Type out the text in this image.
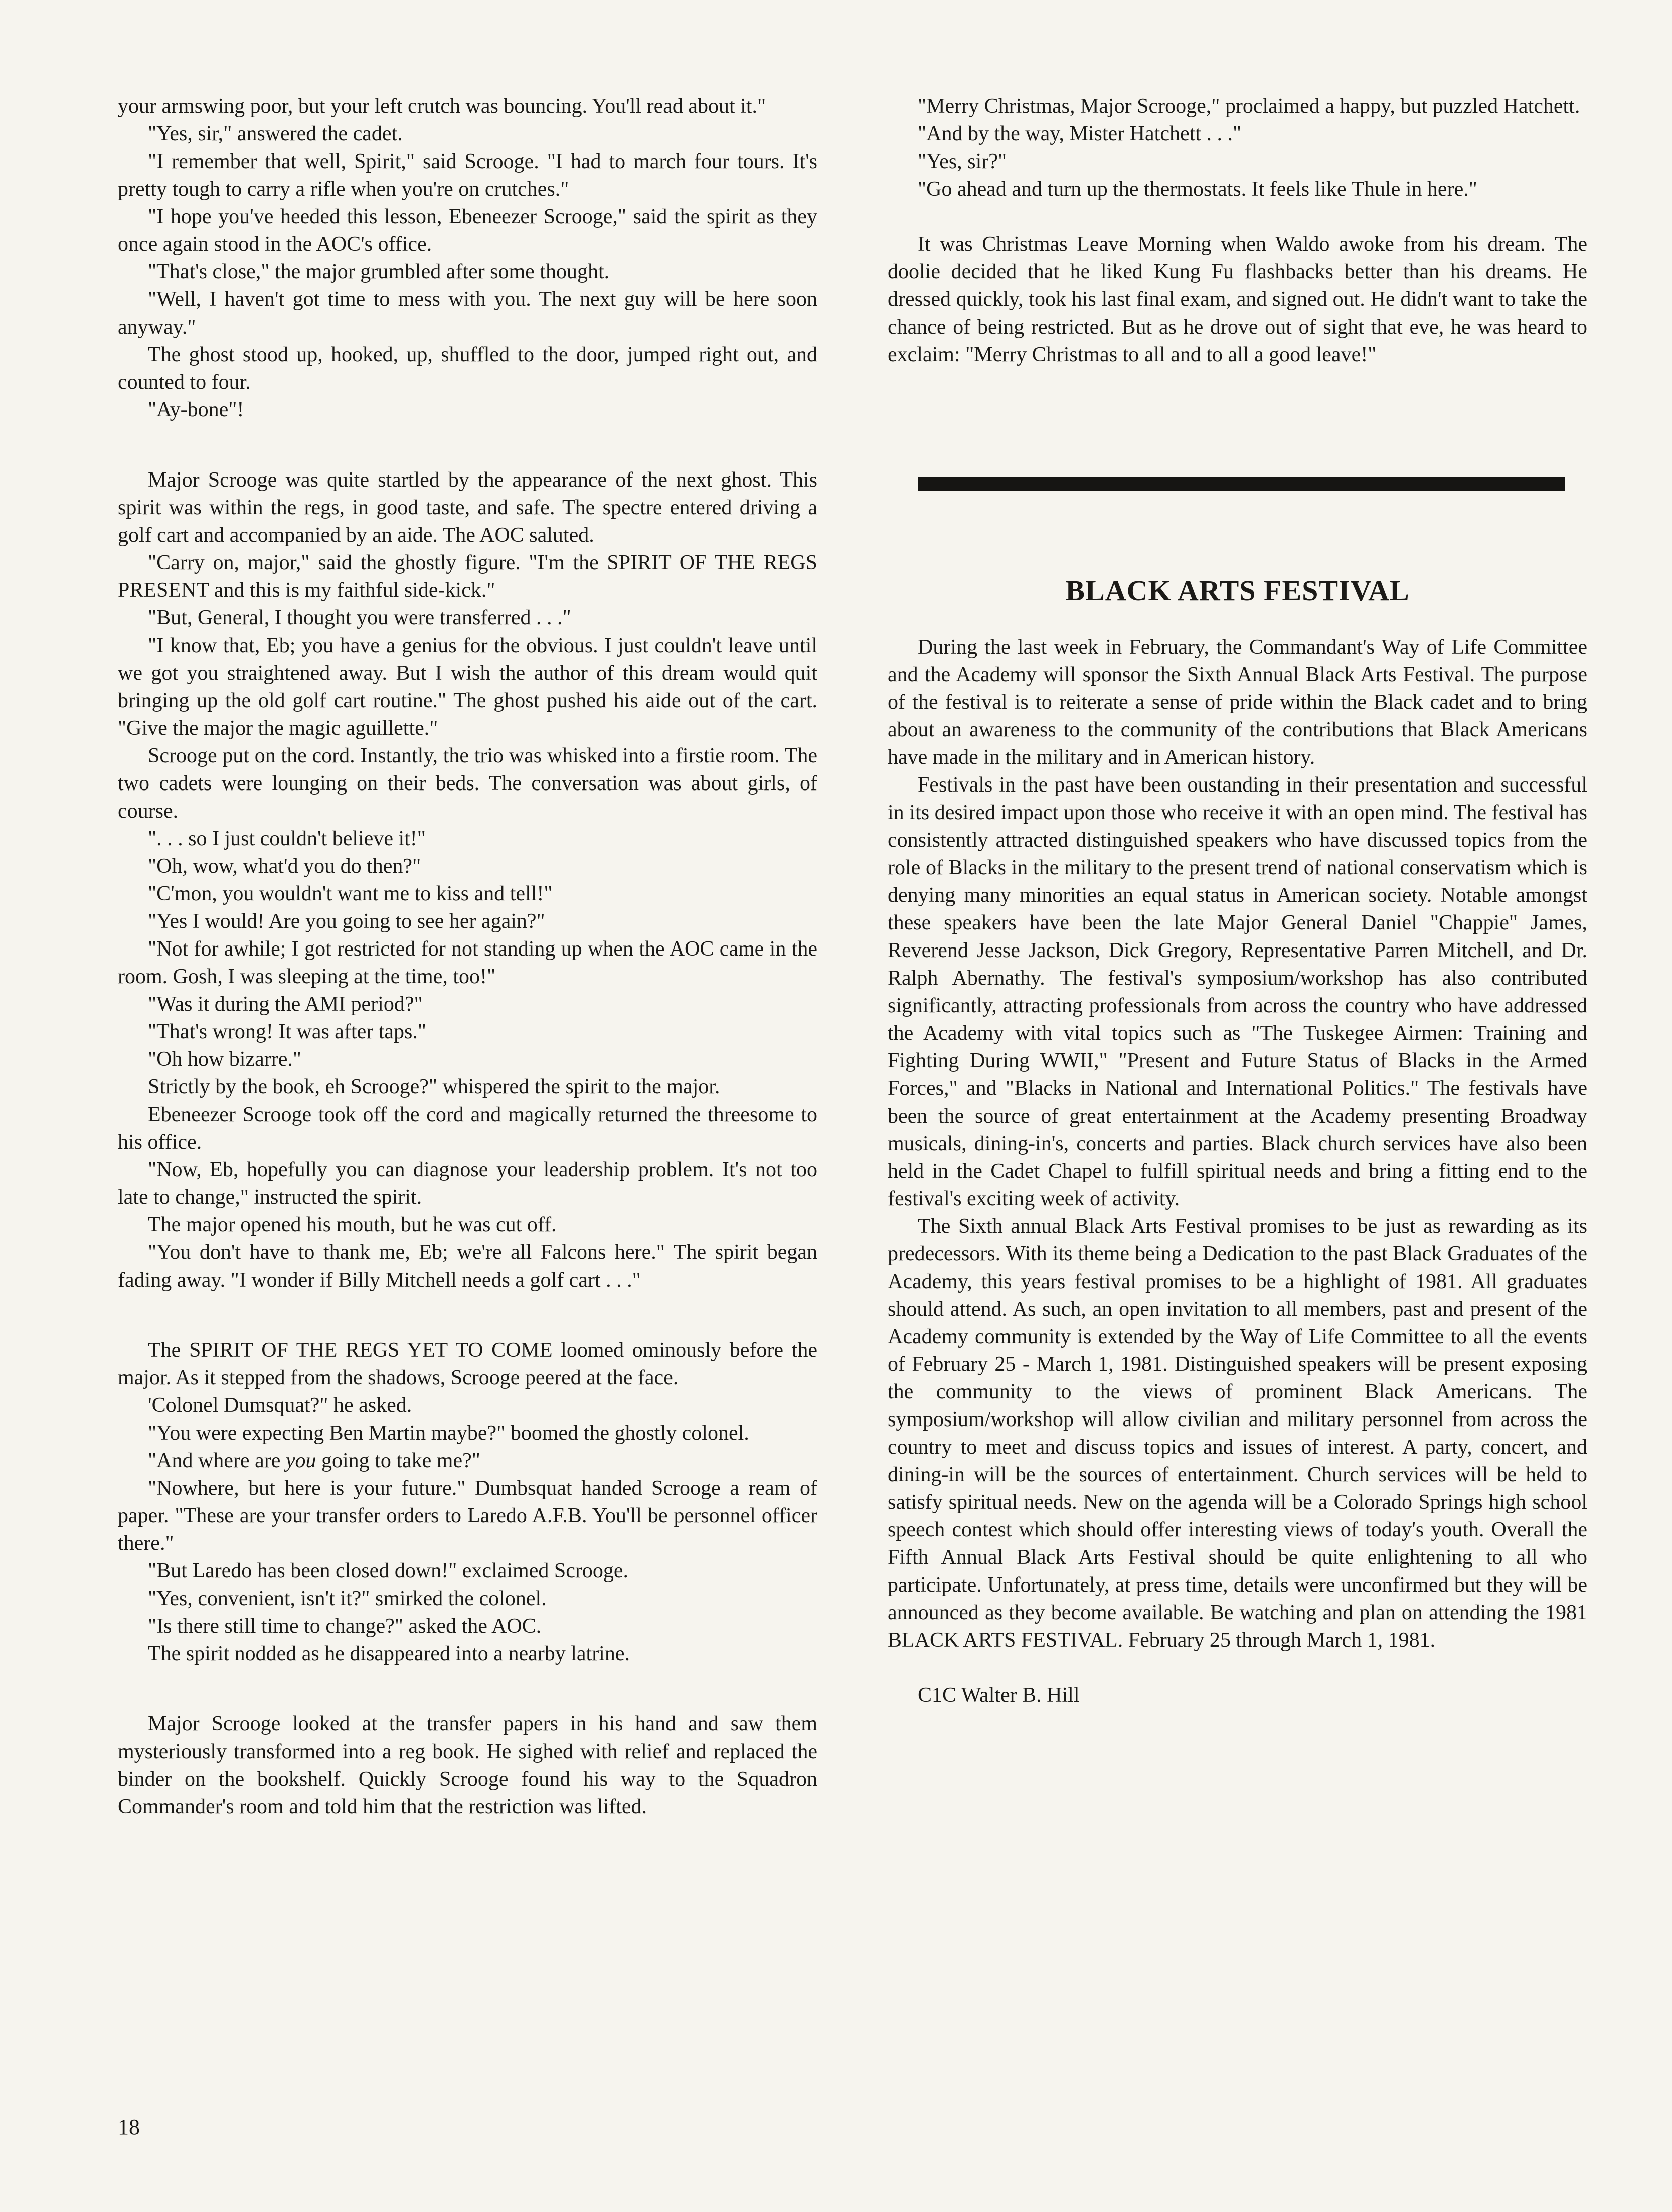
your armswing poor, but your left crutch was bouncing. You'll read about it."

"Yes, sir," answered the cadet.

"I remember that well, Spirit," said Scrooge. "I had to march four tours. It's pretty tough to carry a rifle when you're on crutches."

"I hope you've heeded this lesson, Ebeneezer Scrooge," said the spirit as they once again stood in the AOC's office.

"That's close," the major grumbled after some thought.

"Well, I haven't got time to mess with you. The next guy will be here soon anyway."

The ghost stood up, hooked, up, shuffled to the door, jumped right out, and counted to four.

"Ay-bone"!

Major Scrooge was quite startled by the appearance of the next ghost. This spirit was within the regs, in good taste, and safe. The spectre entered driving a golf cart and accompanied by an aide. The AOC saluted.

"Carry on, major," said the ghostly figure. "I'm the SPIRIT OF THE REGS PRESENT and this is my faithful side-kick."

"But, General, I thought you were transferred . . ."

"I know that, Eb; you have a genius for the obvious. I just couldn't leave until we got you straightened away. But I wish the author of this dream would quit bringing up the old golf cart routine." The ghost pushed his aide out of the cart. "Give the major the magic aguillette."

Scrooge put on the cord. Instantly, the trio was whisked into a firstie room. The two cadets were lounging on their beds. The conversation was about girls, of course.

". . . so I just couldn't believe it!"

"Oh, wow, what'd you do then?"

"C'mon, you wouldn't want me to kiss and tell!"

"Yes I would! Are you going to see her again?"

"Not for awhile; I got restricted for not standing up when the AOC came in the room. Gosh, I was sleeping at the time, too!"

"Was it during the AMI period?"

"That's wrong! It was after taps."

"Oh how bizarre."

Strictly by the book, eh Scrooge?" whispered the spirit to the major.

Ebeneezer Scrooge took off the cord and magically returned the threesome to his office.

"Now, Eb, hopefully you can diagnose your leadership problem. It's not too late to change," instructed the spirit.

The major opened his mouth, but he was cut off.

"You don't have to thank me, Eb; we're all Falcons here." The spirit began fading away. "I wonder if Billy Mitchell needs a golf cart . . ."

The SPIRIT OF THE REGS YET TO COME loomed ominously before the major. As it stepped from the shadows, Scrooge peered at the face.

'Colonel Dumsquat?" he asked.

"You were expecting Ben Martin maybe?" boomed the ghostly colonel.

"And where are you going to take me?"

"Nowhere, but here is your future." Dumbsquat handed Scrooge a ream of paper. "These are your transfer orders to Laredo A.F.B. You'll be personnel officer there."

"But Laredo has been closed down!" exclaimed Scrooge.

"Yes, convenient, isn't it?" smirked the colonel.

"Is there still time to change?" asked the AOC.

The spirit nodded as he disappeared into a nearby latrine.

Major Scrooge looked at the transfer papers in his hand and saw them mysteriously transformed into a reg book. He sighed with relief and replaced the binder on the bookshelf. Quickly Scrooge found his way to the Squadron Commander's room and told him that the restriction was lifted.

"Merry Christmas, Major Scrooge," proclaimed a happy, but puzzled Hatchett.

"And by the way, Mister Hatchett . . ."

"Yes, sir?"

"Go ahead and turn up the thermostats. It feels like Thule in here."

It was Christmas Leave Morning when Waldo awoke from his dream. The doolie decided that he liked Kung Fu flashbacks better than his dreams. He dressed quickly, took his last final exam, and signed out. He didn't want to take the chance of being restricted. But as he drove out of sight that eve, he was heard to exclaim: "Merry Christmas to all and to all a good leave!"

BLACK ARTS FESTIVAL

During the last week in February, the Commandant's Way of Life Committee and the Academy will sponsor the Sixth Annual Black Arts Festival. The purpose of the festival is to reiterate a sense of pride within the Black cadet and to bring about an awareness to the community of the contributions that Black Americans have made in the military and in American history.

Festivals in the past have been oustanding in their presentation and successful in its desired impact upon those who receive it with an open mind. The festival has consistently attracted distinguished speakers who have discussed topics from the role of Blacks in the military to the present trend of national conservatism which is denying many minorities an equal status in American society. Notable amongst these speakers have been the late Major General Daniel "Chappie" James, Reverend Jesse Jackson, Dick Gregory, Representative Parren Mitchell, and Dr. Ralph Abernathy. The festival's symposium/workshop has also contributed significantly, attracting professionals from across the country who have addressed the Academy with vital topics such as "The Tuskegee Airmen: Training and Fighting During WWII," "Present and Future Status of Blacks in the Armed Forces," and "Blacks in National and International Politics." The festivals have been the source of great entertainment at the Academy presenting Broadway musicals, dining-in's, concerts and parties. Black church services have also been held in the Cadet Chapel to fulfill spiritual needs and bring a fitting end to the festival's exciting week of activity.

The Sixth annual Black Arts Festival promises to be just as rewarding as its predecessors. With its theme being a Dedication to the past Black Graduates of the Academy, this years festival promises to be a highlight of 1981. All graduates should attend. As such, an open invitation to all members, past and present of the Academy community is extended by the Way of Life Committee to all the events of February 25 - March 1, 1981. Distinguished speakers will be present exposing the community to the views of prominent Black Americans. The symposium/workshop will allow civilian and military personnel from across the country to meet and discuss topics and issues of interest. A party, concert, and dining-in will be the sources of entertainment. Church services will be held to satisfy spiritual needs. New on the agenda will be a Colorado Springs high school speech contest which should offer interesting views of today's youth. Overall the Fifth Annual Black Arts Festival should be quite enlightening to all who participate. Unfortunately, at press time, details were unconfirmed but they will be announced as they become available. Be watching and plan on attending the 1981 BLACK ARTS FESTIVAL. February 25 through March 1, 1981.

C1C Walter B. Hill
18
